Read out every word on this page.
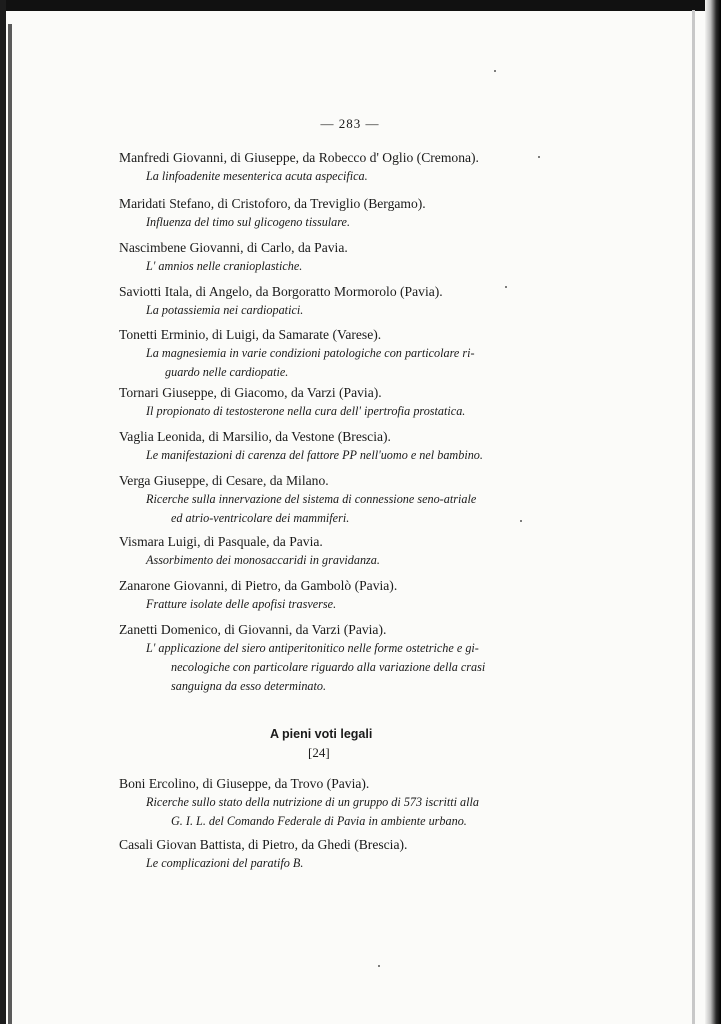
— 283 —
Manfredi Giovanni, di Giuseppe, da Robecco d' Oglio (Cremona).
La linfoadenite mesenterica acuta aspecifica.
Maridati Stefano, di Cristoforo, da Treviglio (Bergamo).
Influenza del timo sul glicogeno tissulare.
Nascimbene Giovanni, di Carlo, da Pavia.
L' amnios nelle cranioplastiche.
Saviotti Itala, di Angelo, da Borgoratto Mormorolo (Pavia).
La potassiemia nei cardiopatici.
Tonetti Erminio, di Luigi, da Samarate (Varese).
La magnesiemia in varie condizioni patologiche con particolare ri-
guardo nelle cardiopatie.
Tornari Giuseppe, di Giacomo, da Varzi (Pavia).
Il propionato di testosterone nella cura dell' ipertrofia prostatica.
Vaglia Leonida, di Marsilio, da Vestone (Brescia).
Le manifestazioni di carenza del fattore PP nell'uomo e nel bambino.
Verga Giuseppe, di Cesare, da Milano.
Ricerche sulla innervazione del sistema di connessione seno-atriale
ed atrio-ventricolare dei mammiferi.
Vismara Luigi, di Pasquale, da Pavia.
Assorbimento dei monosaccaridi in gravidanza.
Zanarone Giovanni, di Pietro, da Gambolò (Pavia).
Fratture isolate delle apofisi trasverse.
Zanetti Domenico, di Giovanni, da Varzi (Pavia).
L' applicazione del siero antiperitonitico nelle forme ostetriche e gi-
necologiche con particolare riguardo alla variazione della crasi
sanguigna da esso determinato.
A pieni voti legali
[24]
Boni Ercolino, di Giuseppe, da Trovo (Pavia).
Ricerche sullo stato della nutrizione di un gruppo di 573 iscritti alla
G. I. L. del Comando Federale di Pavia in ambiente urbano.
Casali Giovan Battista, di Pietro, da Ghedi (Brescia).
Le complicazioni del paratifo B.
